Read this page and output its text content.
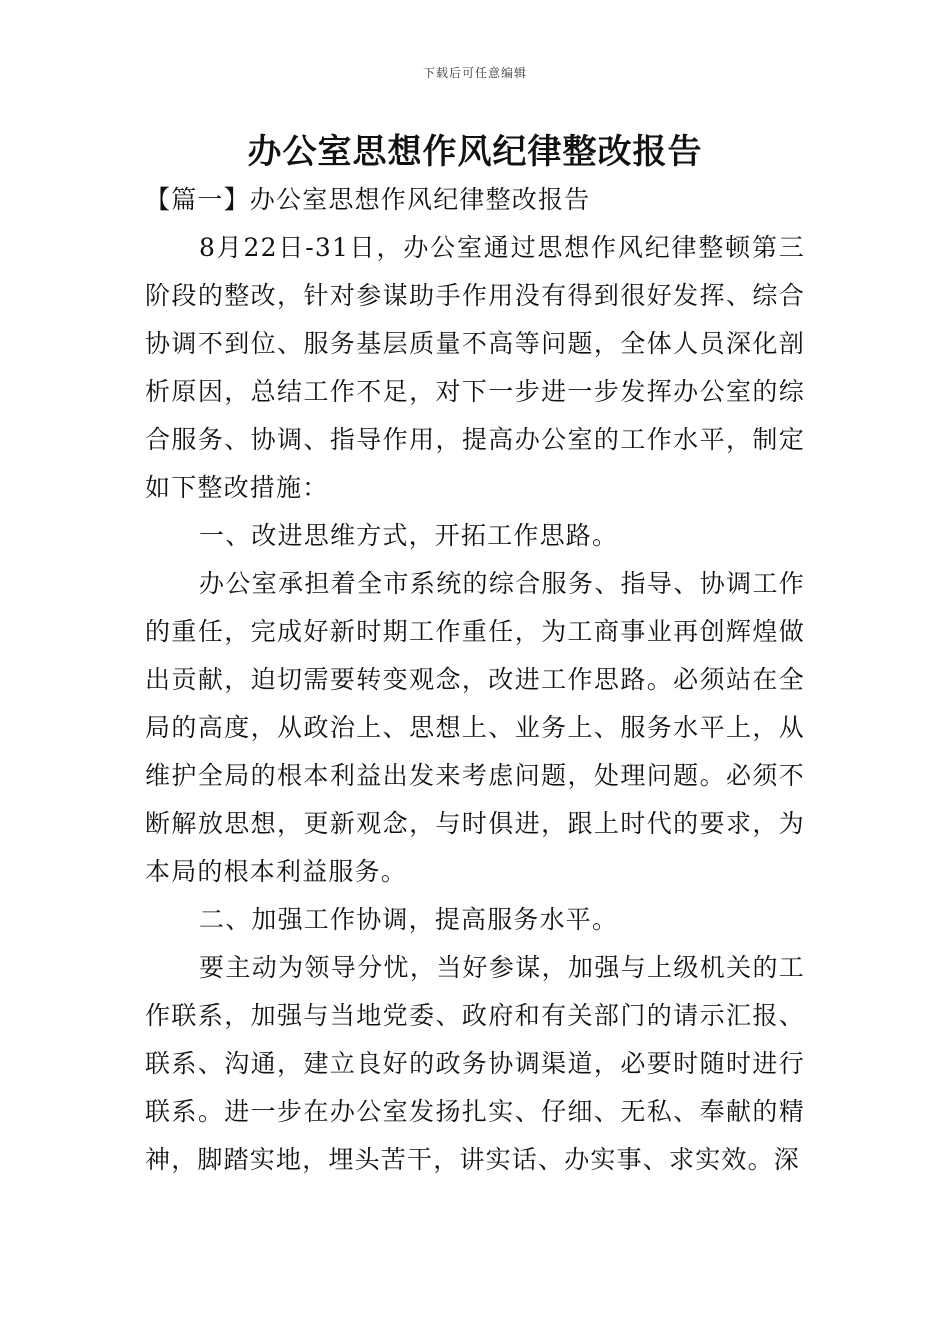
下载后可任意编辑
办公室思想作风纪律整改报告

【篇一】办公室思想作风纪律整改报告

8月22日-31日，办公室通过思想作风纪律整顿第三阶段的整改，针对参谋助手作用没有得到很好发挥、综合协调不到位、服务基层质量不高等问题，全体人员深化剖析原因，总结工作不足，对下一步进一步发挥办公室的综合服务、协调、指导作用，提高办公室的工作水平，制定如下整改措施：

一、改进思维方式，开拓工作思路。

办公室承担着全市系统的综合服务、指导、协调工作的重任，完成好新时期工作重任，为工商事业再创辉煌做出贡献，迫切需要转变观念，改进工作思路。必须站在全局的高度，从政治上、思想上、业务上、服务水平上，从维护全局的根本利益出发来考虑问题，处理问题。必须不断解放思想，更新观念，与时俱进，跟上时代的要求，为本局的根本利益服务。

二、加强工作协调，提高服务水平。

要主动为领导分忧，当好参谋，加强与上级机关的工作联系，加强与当地党委、政府和有关部门的请示汇报、联系、沟通，建立良好的政务协调渠道，必要时随时进行联系。进一步在办公室发扬扎实、仔细、无私、奉献的精神，脚踏实地，埋头苦干，讲实话、办实事、求实效。深
